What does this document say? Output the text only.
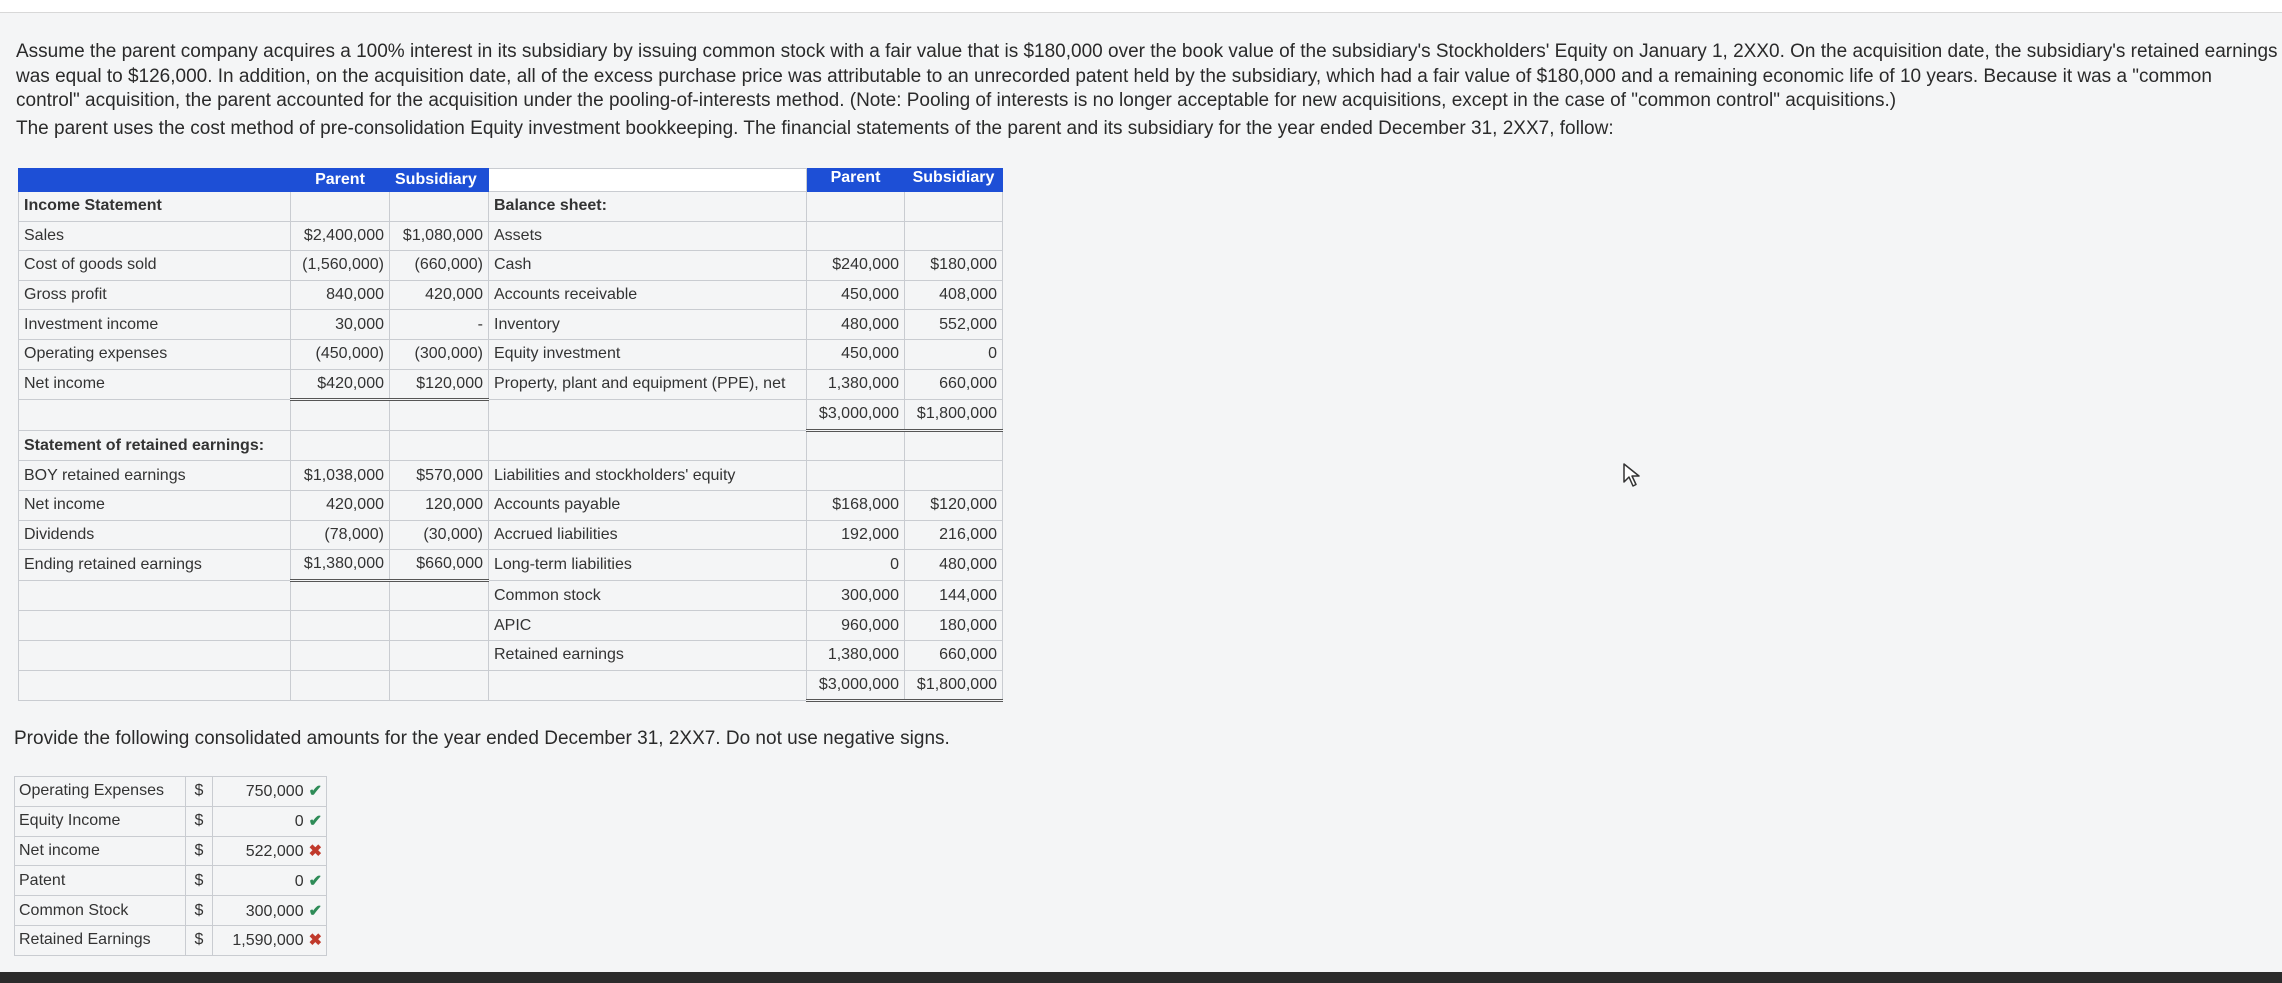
Assume the parent company acquires a 100% interest in its subsidiary by issuing common stock with a fair value that is $180,000 over the book value of the subsidiary's Stockholders' Equity on January 1, 2XX0. On the acquisition date, the subsidiary's retained earnings was equal to $126,000. In addition, on the acquisition date, all of the excess purchase price was attributable to an unrecorded patent held by the subsidiary, which had a fair value of $180,000 and a remaining economic life of 10 years. Because it was a "common control" acquisition, the parent accounted for the acquisition under the pooling-of-interests method. (Note: Pooling of interests is no longer acceptable for new acquisitions, except in the case of "common control" acquisitions.)

The parent uses the cost method of pre-consolidation Equity investment bookkeeping. The financial statements of the parent and its subsidiary for the year ended December 31, 2XX7, follow:

	Parent	Subsidiary		Parent	Subsidiary
Income Statement			Balance sheet:		
Sales	$2,400,000	$1,080,000	Assets		
Cost of goods sold	(1,560,000)	(660,000)	Cash	$240,000	$180,000
Gross profit	840,000	420,000	Accounts receivable	450,000	408,000
Investment income	30,000	-	Inventory	480,000	552,000
Operating expenses	(450,000)	(300,000)	Equity investment	450,000	0
Net income	$420,000	$120,000	Property, plant and equipment (PPE), net	1,380,000	660,000
				$3,000,000	$1,800,000
Statement of retained earnings:					
BOY retained earnings	$1,038,000	$570,000	Liabilities and stockholders' equity		
Net income	420,000	120,000	Accounts payable	$168,000	$120,000
Dividends	(78,000)	(30,000)	Accrued liabilities	192,000	216,000
Ending retained earnings	$1,380,000	$660,000	Long-term liabilities	0	480,000
			Common stock	300,000	144,000
			APIC	960,000	180,000
			Retained earnings	1,380,000	660,000
				$3,000,000	$1,800,000

Provide the following consolidated amounts for the year ended December 31, 2XX7. Do not use negative signs.

Operating Expenses	$	750,000 ✔
Equity Income	$	0 ✔
Net income	$	522,000 ✖
Patent	$	0 ✔
Common Stock	$	300,000 ✔
Retained Earnings	$	1,590,000 ✖
